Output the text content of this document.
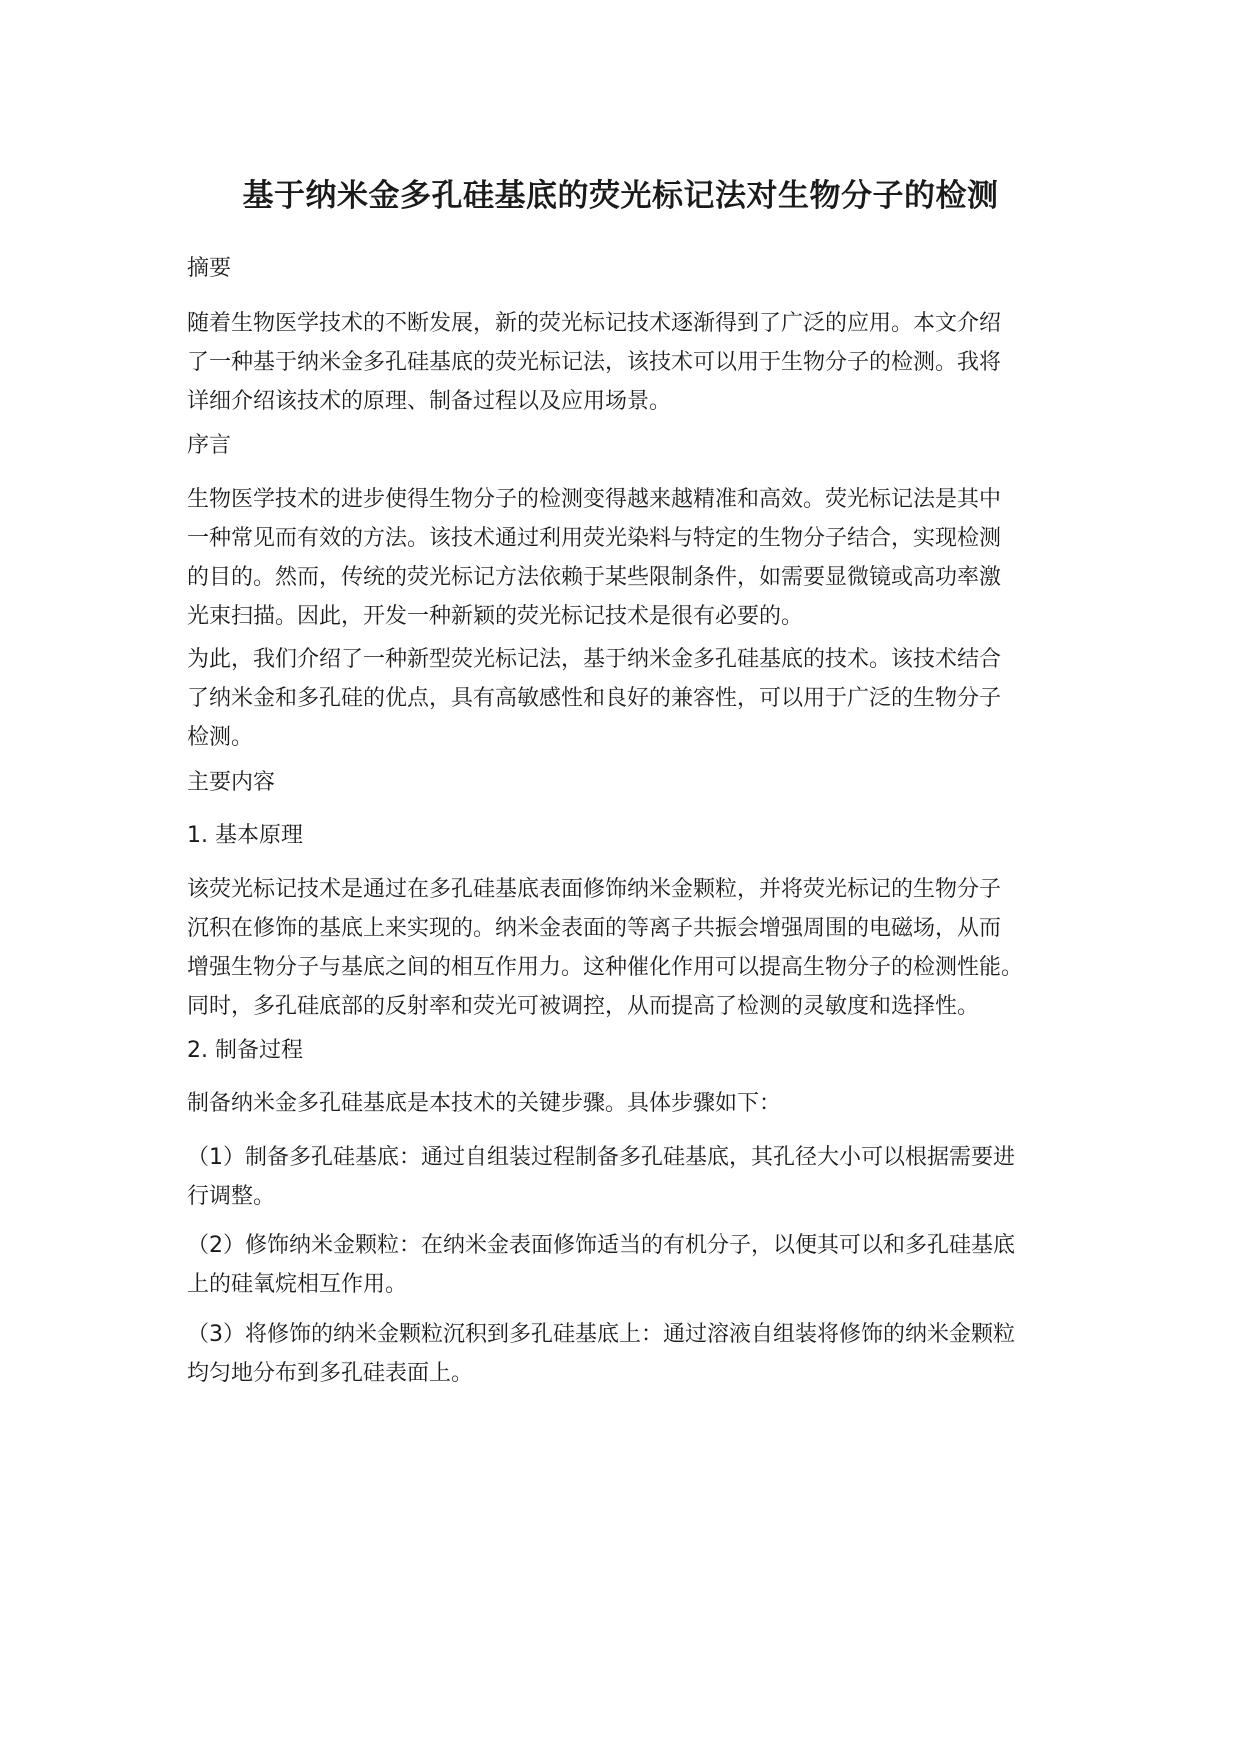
基于纳米金多孔硅基底的荧光标记法对生物分子的检测

摘要

随着生物医学技术的不断发展，新的荧光标记技术逐渐得到了广泛的应用。本文介绍
了一种基于纳米金多孔硅基底的荧光标记法，该技术可以用于生物分子的检测。我将
详细介绍该技术的原理、制备过程以及应用场景。

序言

生物医学技术的进步使得生物分子的检测变得越来越精准和高效。荧光标记法是其中
一种常见而有效的方法。该技术通过利用荧光染料与特定的生物分子结合，实现检测
的目的。然而，传统的荧光标记方法依赖于某些限制条件，如需要显微镜或高功率激
光束扫描。因此，开发一种新颖的荧光标记技术是很有必要的。

为此，我们介绍了一种新型荧光标记法，基于纳米金多孔硅基底的技术。该技术结合
了纳米金和多孔硅的优点，具有高敏感性和良好的兼容性，可以用于广泛的生物分子
检测。

主要内容

1. 基本原理

该荧光标记技术是通过在多孔硅基底表面修饰纳米金颗粒，并将荧光标记的生物分子
沉积在修饰的基底上来实现的。纳米金表面的等离子共振会增强周围的电磁场，从而
增强生物分子与基底之间的相互作用力。这种催化作用可以提高生物分子的检测性能。
同时，多孔硅底部的反射率和荧光可被调控，从而提高了检测的灵敏度和选择性。

2. 制备过程

制备纳米金多孔硅基底是本技术的关键步骤。具体步骤如下：

（1）制备多孔硅基底：通过自组装过程制备多孔硅基底，其孔径大小可以根据需要进
行调整。

（2）修饰纳米金颗粒：在纳米金表面修饰适当的有机分子，以便其可以和多孔硅基底
上的硅氧烷相互作用。

（3）将修饰的纳米金颗粒沉积到多孔硅基底上：通过溶液自组装将修饰的纳米金颗粒
均匀地分布到多孔硅表面上。
